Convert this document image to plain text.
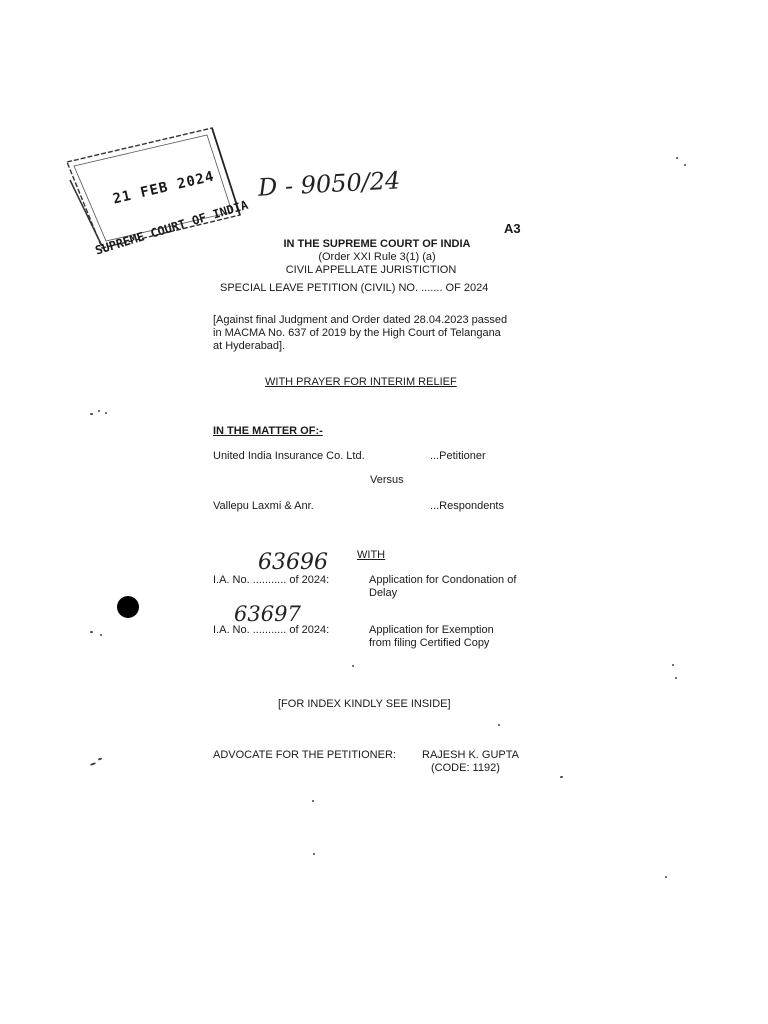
21 FEB 2024
SUPREME COURT OF INDIA
D - 9050/24
A3
IN THE SUPREME COURT OF INDIA
(Order XXI Rule 3(1) (a)
CIVIL APPELLATE JURISTICTION
SPECIAL LEAVE PETITION (CIVIL) NO. ....... OF 2024
[Against final Judgment and Order dated 28.04.2023 passed
in MACMA No. 637 of 2019 by the High Court of Telangana
at Hyderabad].
WITH PRAYER FOR INTERIM RELIEF
IN THE MATTER OF:-
United India Insurance Co. Ltd.	...Petitioner
Versus
Vallepu Laxmi & Anr.	...Respondents
WITH
63696
I.A. No. ........... of 2024:	Application for Condonation of
Delay
63697
I.A. No. ........... of 2024:	Application for Exemption
from filing Certified Copy
[FOR INDEX KINDLY SEE INSIDE]
ADVOCATE FOR THE PETITIONER: RAJESH K. GUPTA
(CODE: 1192)
